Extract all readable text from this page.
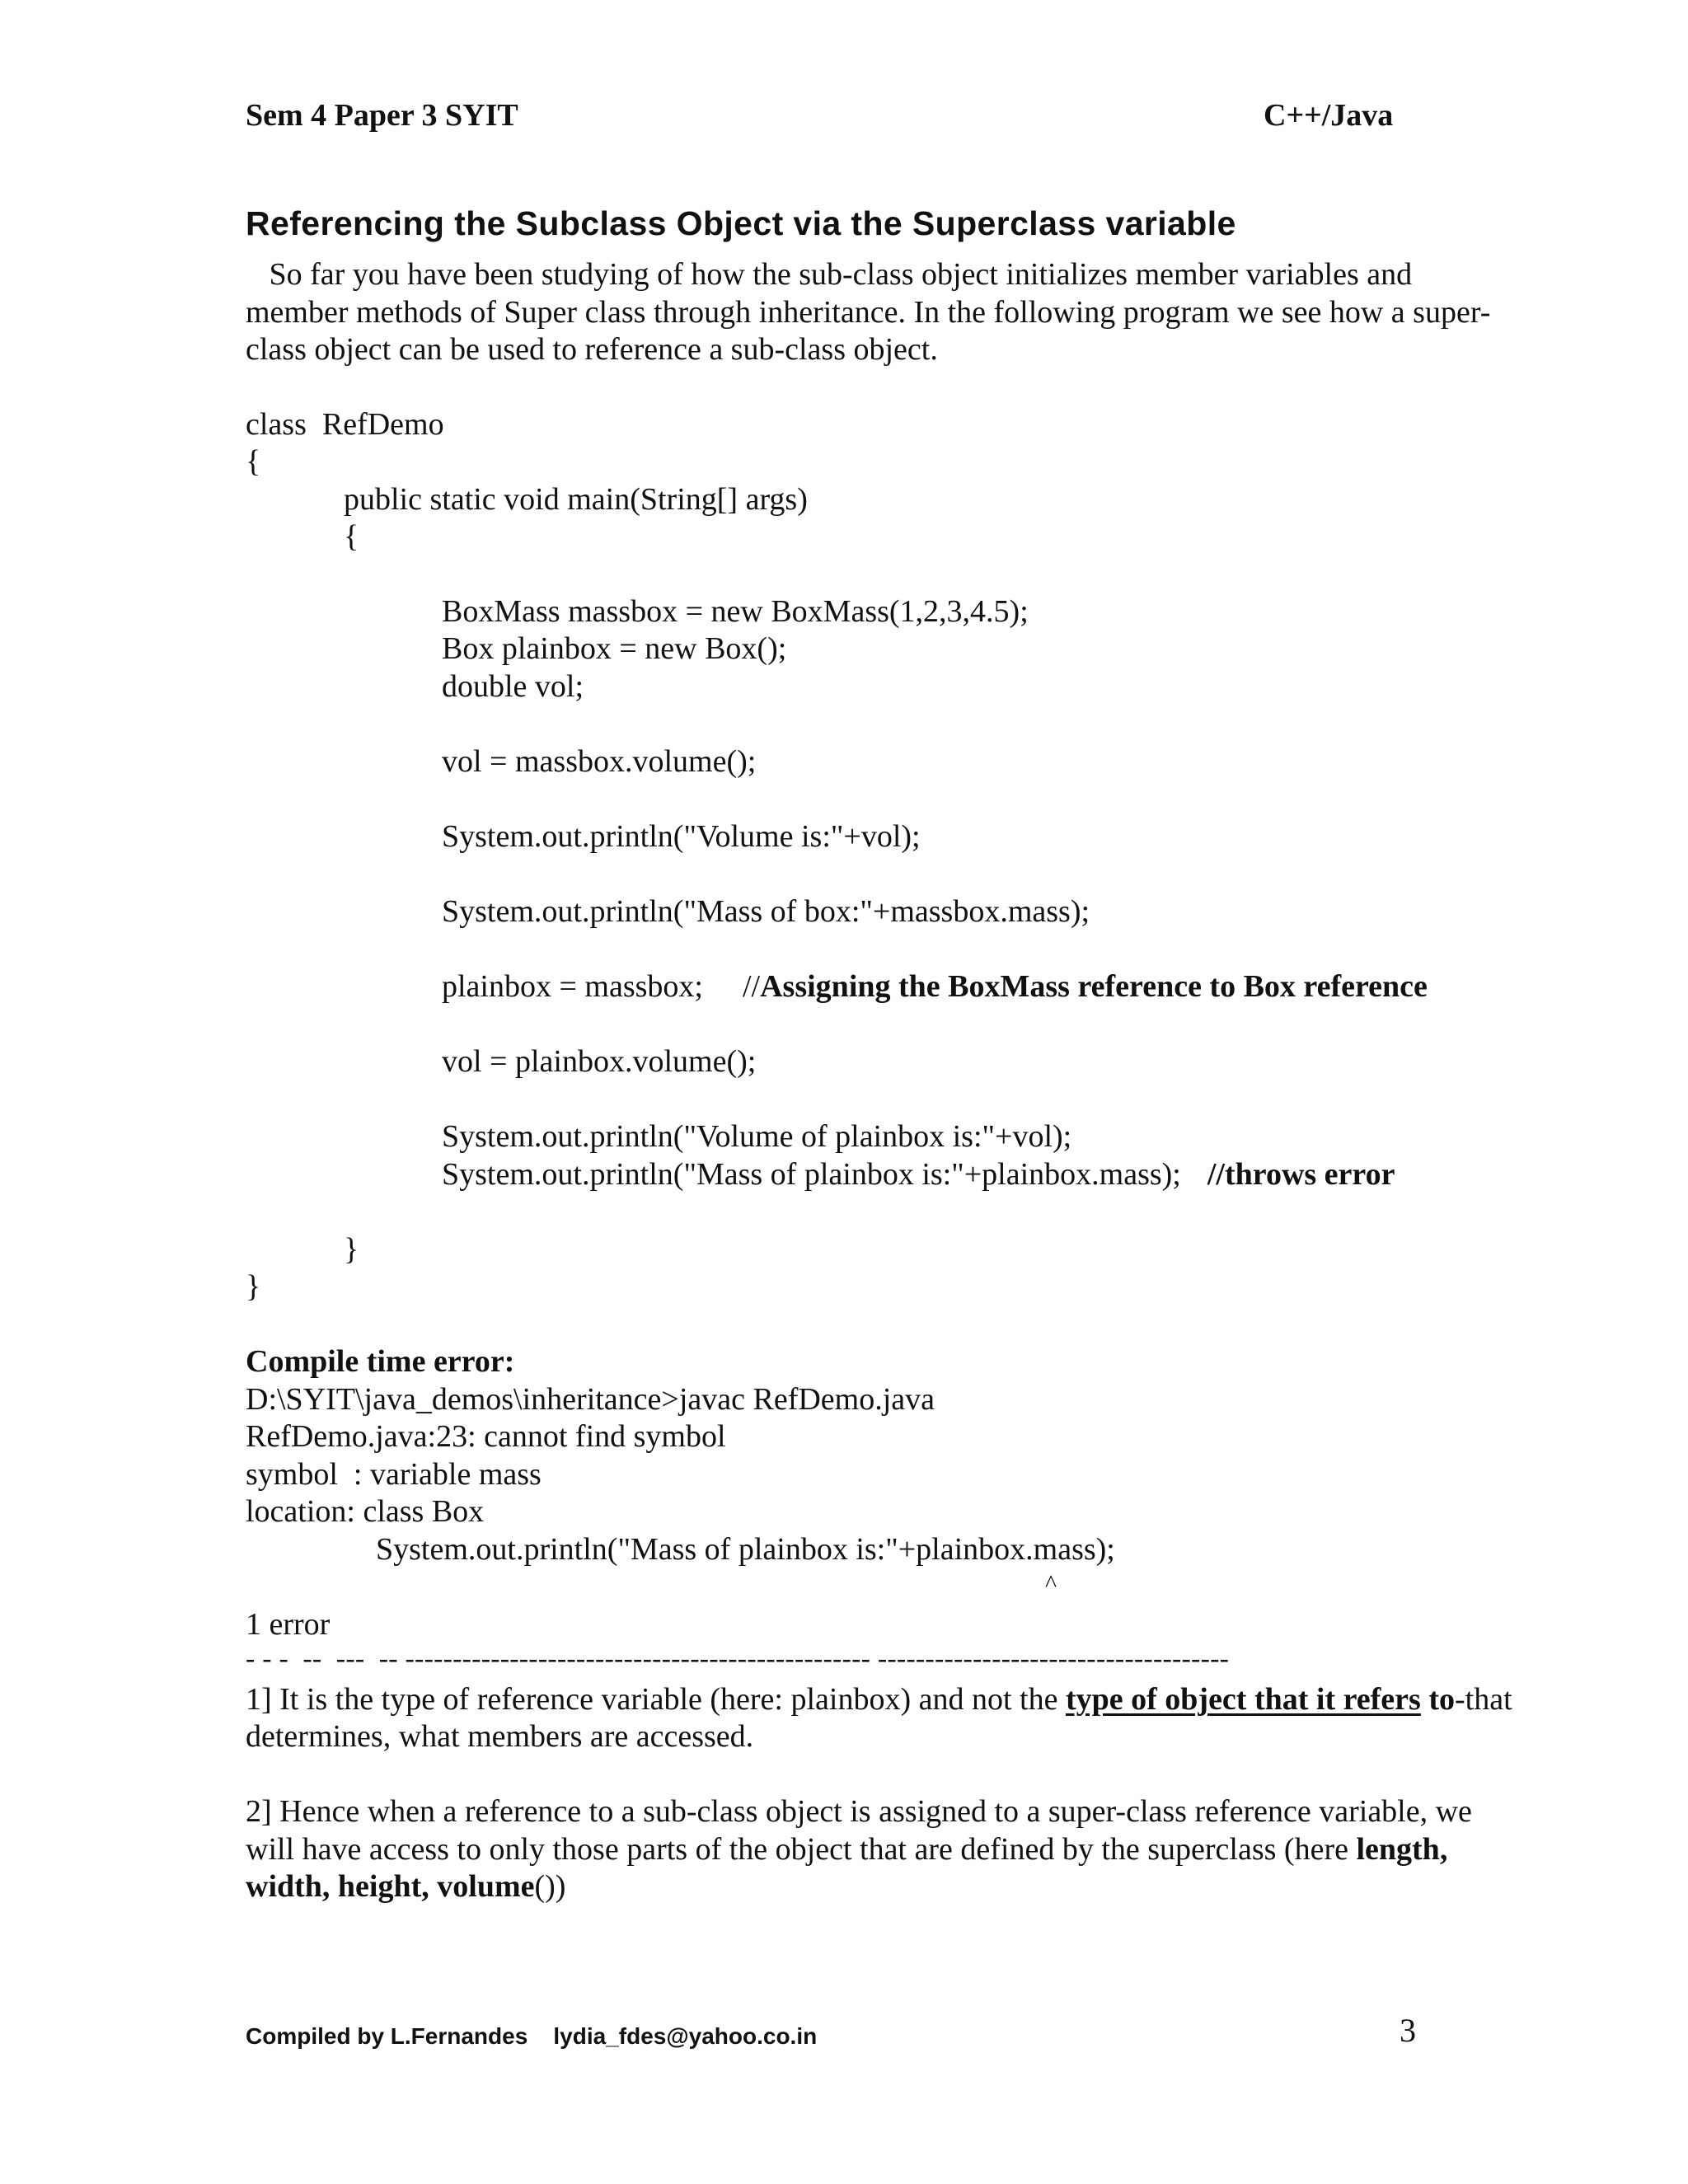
Sem 4 Paper 3 SYIT	C++/Java
Referencing the Subclass Object via the Superclass variable
So far you have been studying of how the sub-class object initializes member variables and
member methods of Super class through inheritance. In the following program we see how a super-
class object can be used to reference a sub-class object.
class  RefDemo
{
public static void main(String[] args)
{
BoxMass massbox = new BoxMass(1,2,3,4.5);
Box plainbox = new Box();
double vol;
vol = massbox.volume();
System.out.println("Volume is:"+vol);
System.out.println("Mass of box:"+massbox.mass);
plainbox = massbox; //Assigning the BoxMass reference to Box reference
vol = plainbox.volume();
System.out.println("Volume of plainbox is:"+vol);
System.out.println("Mass of plainbox is:"+plainbox.mass); //throws error
}
}
Compile time error:
D:\SYIT\java_demos\inheritance>javac RefDemo.java
RefDemo.java:23: cannot find symbol
symbol  : variable mass
location: class Box
System.out.println("Mass of plainbox is:"+plainbox.mass);
^
1 error
- - -  --  ---  -- ------------------------------------------------- -------------------------------------
1] It is the type of reference variable (here: plainbox) and not the type of object that it refers to-that
determines, what members are accessed.
2] Hence when a reference to a sub-class object is assigned to a super-class reference variable, we
will have access to only those parts of the object that are defined by the superclass (here length,
width, height, volume())
Compiled by L.Fernandes    lydia_fdes@yahoo.co.in	3
